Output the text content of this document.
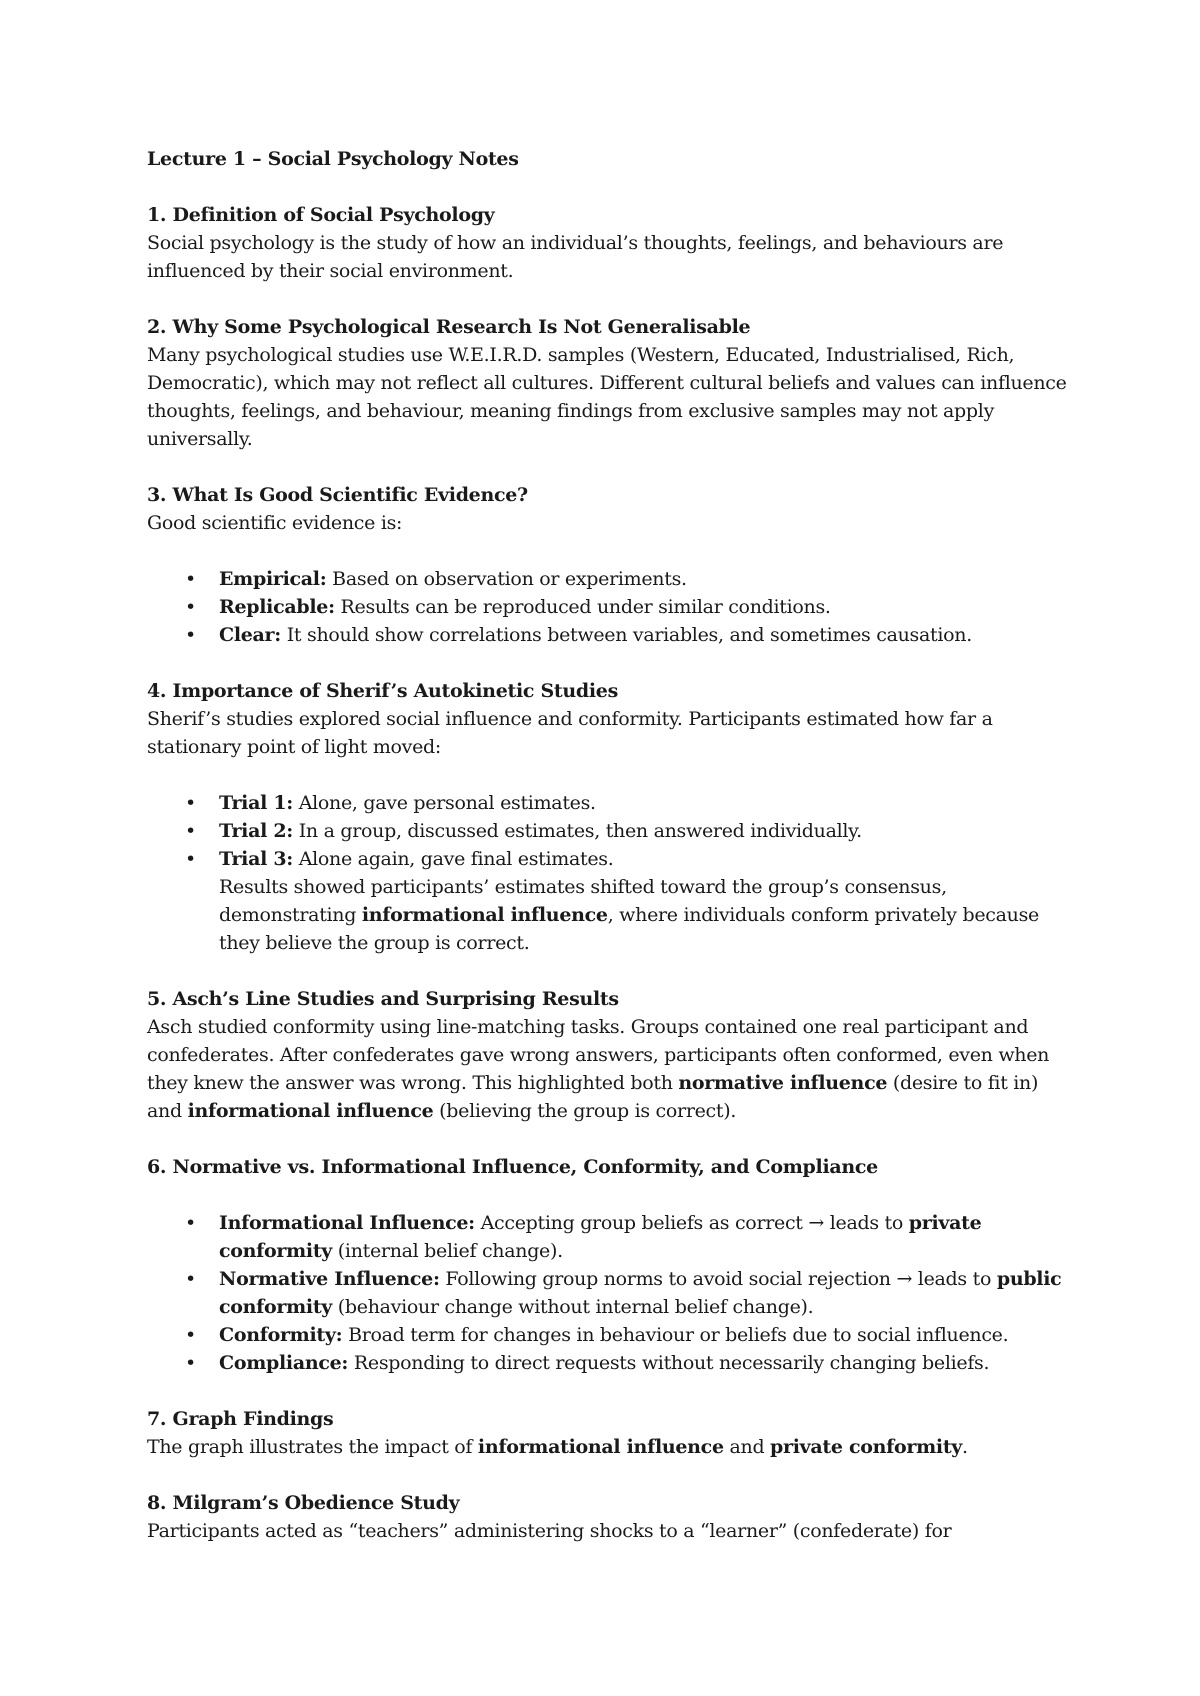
Lecture 1 – Social Psychology Notes

1. Definition of Social Psychology

Social psychology is the study of how an individual’s thoughts, feelings, and behaviours are influenced by their social environment.

2. Why Some Psychological Research Is Not Generalisable

Many psychological studies use W.E.I.R.D. samples (Western, Educated, Industrialised, Rich, Democratic), which may not reflect all cultures. Different cultural beliefs and values can influence thoughts, feelings, and behaviour, meaning findings from exclusive samples may not apply universally.

3. What Is Good Scientific Evidence?

Good scientific evidence is:

• Empirical: Based on observation or experiments.
• Replicable: Results can be reproduced under similar conditions.
• Clear: It should show correlations between variables, and sometimes causation.

4. Importance of Sherif’s Autokinetic Studies

Sherif’s studies explored social influence and conformity. Participants estimated how far a stationary point of light moved:

• Trial 1: Alone, gave personal estimates.
• Trial 2: In a group, discussed estimates, then answered individually.
• Trial 3: Alone again, gave final estimates.
Results showed participants’ estimates shifted toward the group’s consensus, demonstrating informational influence, where individuals conform privately because they believe the group is correct.

5. Asch’s Line Studies and Surprising Results

Asch studied conformity using line-matching tasks. Groups contained one real participant and confederates. After confederates gave wrong answers, participants often conformed, even when they knew the answer was wrong. This highlighted both normative influence (desire to fit in) and informational influence (believing the group is correct).

6. Normative vs. Informational Influence, Conformity, and Compliance

• Informational Influence: Accepting group beliefs as correct → leads to private conformity (internal belief change).
• Normative Influence: Following group norms to avoid social rejection → leads to public conformity (behaviour change without internal belief change).
• Conformity: Broad term for changes in behaviour or beliefs due to social influence.
• Compliance: Responding to direct requests without necessarily changing beliefs.

7. Graph Findings

The graph illustrates the impact of informational influence and private conformity.

8. Milgram’s Obedience Study

Participants acted as “teachers” administering shocks to a “learner” (confederate) for
